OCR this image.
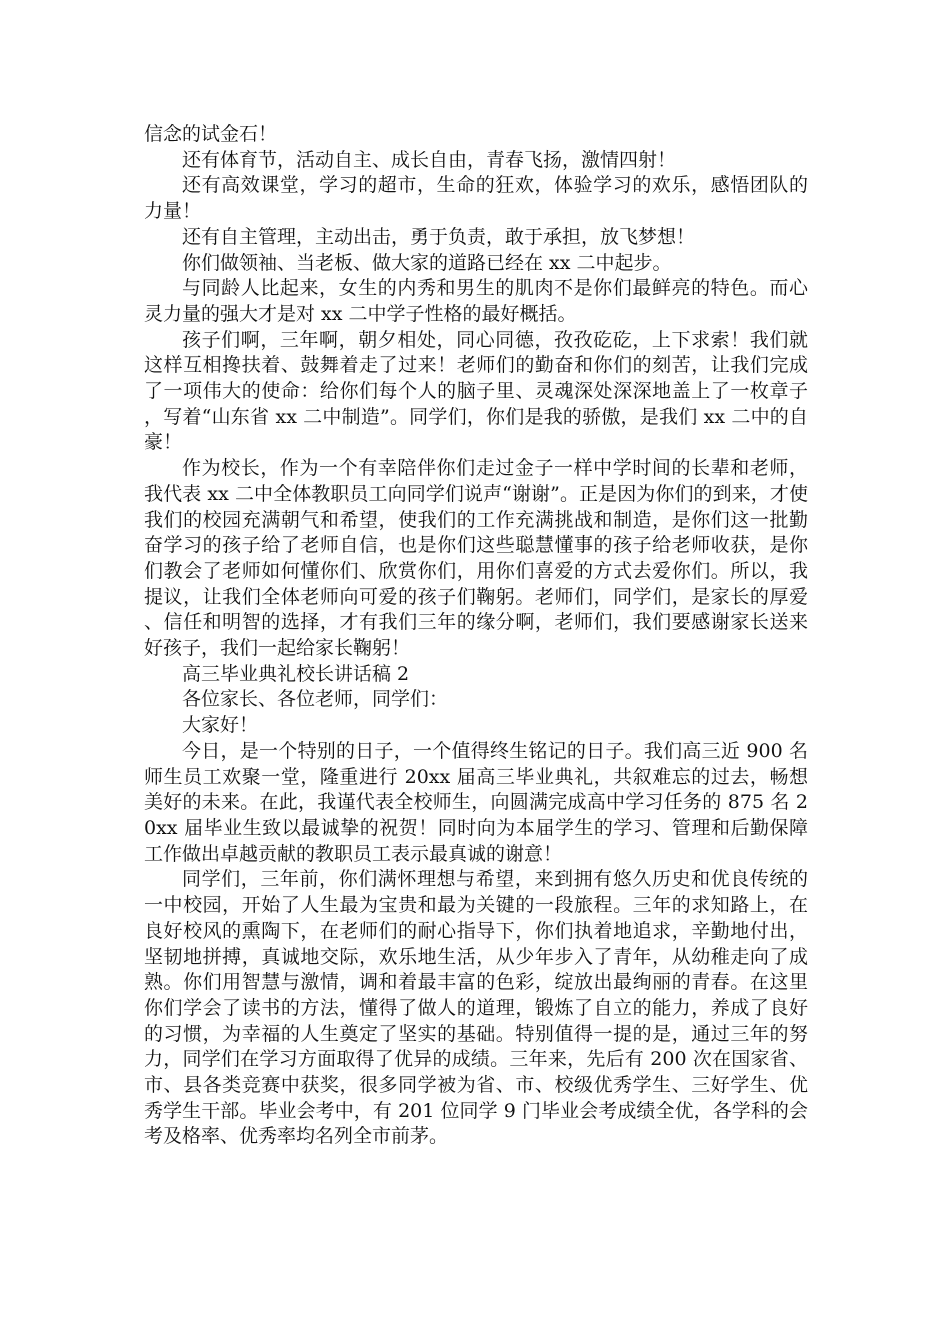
信念的试金石！

还有体育节，活动自主、成长自由，青春飞扬，激情四射！

还有高效课堂，学习的超市，生命的狂欢，体验学习的欢乐，感悟团队的力量！

还有自主管理，主动出击，勇于负责，敢于承担，放飞梦想！

你们做领袖、当老板、做大家的道路已经在 xx 二中起步。

与同龄人比起来，女生的内秀和男生的肌肉不是你们最鲜亮的特色。而心灵力量的强大才是对 xx 二中学子性格的最好概括。

孩子们啊，三年啊，朝夕相处，同心同德，孜孜矻矻，上下求索！我们就这样互相搀扶着、鼓舞着走了过来！老师们的勤奋和你们的刻苦，让我们完成了一项伟大的使命：给你们每个人的脑子里、灵魂深处深深地盖上了一枚章子，写着“山东省 xx 二中制造”。同学们，你们是我的骄傲，是我们 xx 二中的自豪！

作为校长，作为一个有幸陪伴你们走过金子一样中学时间的长辈和老师，我代表 xx 二中全体教职员工向同学们说声“谢谢”。正是因为你们的到来，才使我们的校园充满朝气和希望，使我们的工作充满挑战和制造，是你们这一批勤奋学习的孩子给了老师自信，也是你们这些聪慧懂事的孩子给老师收获，是你们教会了老师如何懂你们、欣赏你们，用你们喜爱的方式去爱你们。所以，我提议，让我们全体老师向可爱的孩子们鞠躬。老师们，同学们，是家长的厚爱、信任和明智的选择，才有我们三年的缘分啊，老师们，我们要感谢家长送来好孩子，我们一起给家长鞠躬！

高三毕业典礼校长讲话稿 2

各位家长、各位老师，同学们：

大家好！

今日，是一个特别的日子，一个值得终生铭记的日子。我们高三近 900 名师生员工欢聚一堂，隆重进行 20xx 届高三毕业典礼，共叙难忘的过去，畅想美好的未来。在此，我谨代表全校师生，向圆满完成高中学习任务的 875 名 20xx 届毕业生致以最诚挚的祝贺！同时向为本届学生的学习、管理和后勤保障工作做出卓越贡献的教职员工表示最真诚的谢意！

同学们，三年前，你们满怀理想与希望，来到拥有悠久历史和优良传统的一中校园，开始了人生最为宝贵和最为关键的一段旅程。三年的求知路上，在良好校风的熏陶下，在老师们的耐心指导下，你们执着地追求，辛勤地付出，坚韧地拼搏，真诚地交际，欢乐地生活，从少年步入了青年，从幼稚走向了成熟。你们用智慧与激情，调和着最丰富的色彩，绽放出最绚丽的青春。在这里你们学会了读书的方法，懂得了做人的道理，锻炼了自立的能力，养成了良好的习惯，为幸福的人生奠定了坚实的基础。特别值得一提的是，通过三年的努力，同学们在学习方面取得了优异的成绩。三年来，先后有 200 次在国家省、市、县各类竞赛中获奖，很多同学被为省、市、校级优秀学生、三好学生、优秀学生干部。毕业会考中，有 201 位同学 9 门毕业会考成绩全优，各学科的会考及格率、优秀率均名列全市前茅。
